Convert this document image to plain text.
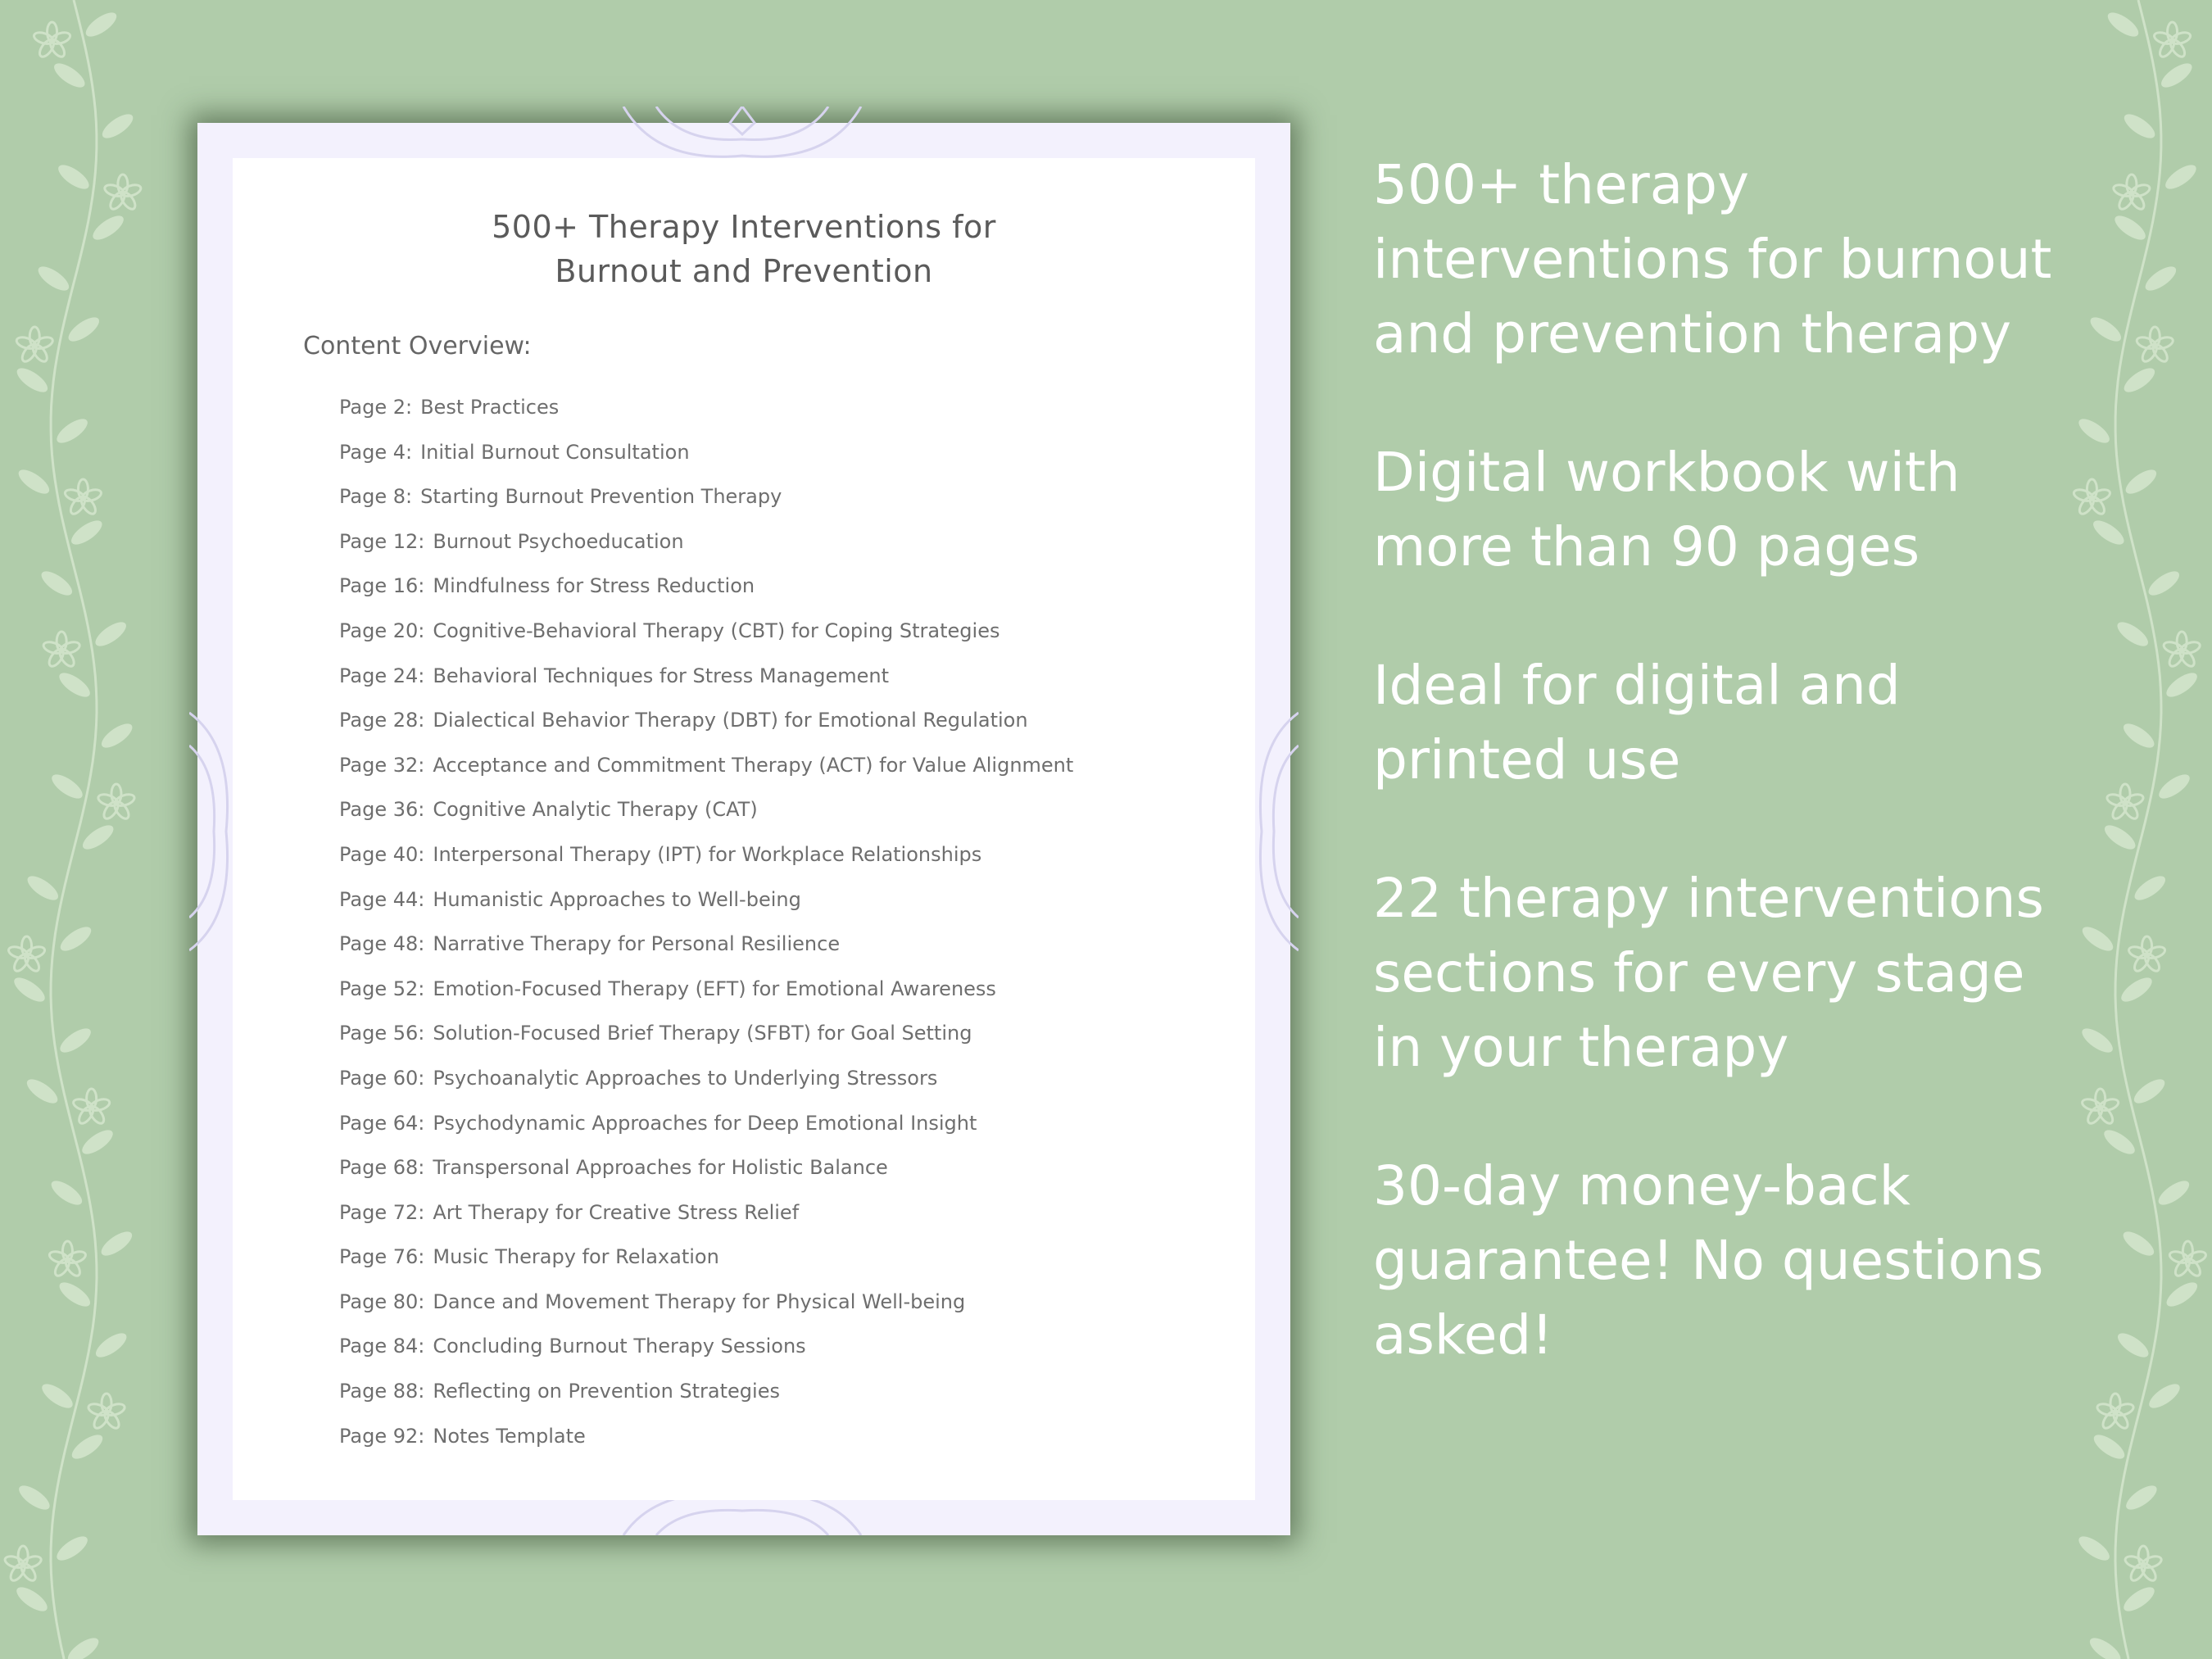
500+ Therapy Interventions for
Burnout and Prevention
Content Overview:
Page 2: Best Practices
Page 4: Initial Burnout Consultation
Page 8: Starting Burnout Prevention Therapy
Page 12: Burnout Psychoeducation
Page 16: Mindfulness for Stress Reduction
Page 20: Cognitive-Behavioral Therapy (CBT) for Coping Strategies
Page 24: Behavioral Techniques for Stress Management
Page 28: Dialectical Behavior Therapy (DBT) for Emotional Regulation
Page 32: Acceptance and Commitment Therapy (ACT) for Value Alignment
Page 36: Cognitive Analytic Therapy (CAT)
Page 40: Interpersonal Therapy (IPT) for Workplace Relationships
Page 44: Humanistic Approaches to Well-being
Page 48: Narrative Therapy for Personal Resilience
Page 52: Emotion-Focused Therapy (EFT) for Emotional Awareness
Page 56: Solution-Focused Brief Therapy (SFBT) for Goal Setting
Page 60: Psychoanalytic Approaches to Underlying Stressors
Page 64: Psychodynamic Approaches for Deep Emotional Insight
Page 68: Transpersonal Approaches for Holistic Balance
Page 72: Art Therapy for Creative Stress Relief
Page 76: Music Therapy for Relaxation
Page 80: Dance and Movement Therapy for Physical Well-being
Page 84: Concluding Burnout Therapy Sessions
Page 88: Reflecting on Prevention Strategies
Page 92: Notes Template

500+ therapy interventions for burnout and prevention therapy

Digital workbook with more than 90 pages

Ideal for digital and printed use

22 therapy interventions sections for every stage in your therapy

30-day money-back guarantee! No questions asked!
